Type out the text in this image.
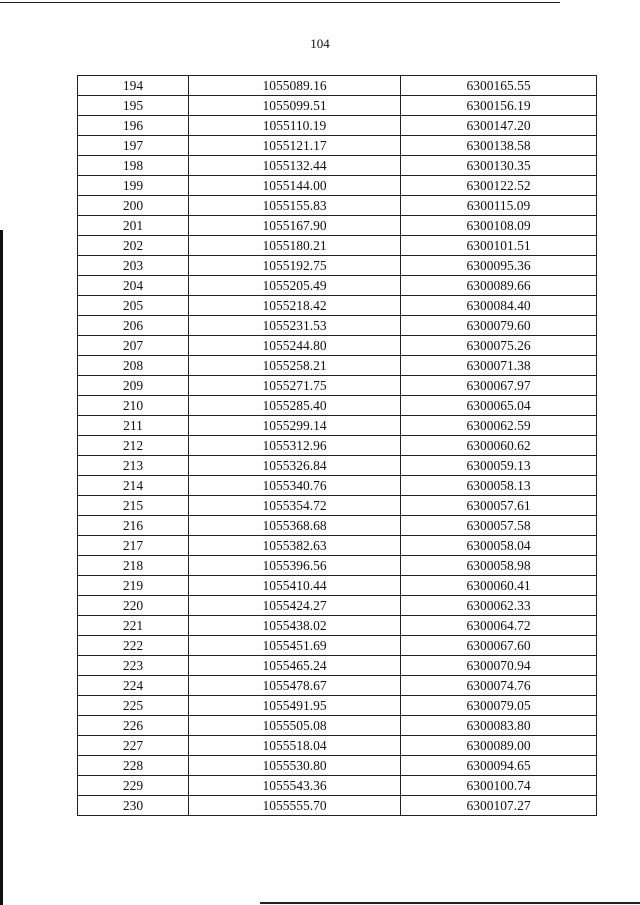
104
194	1055089.16	6300165.55
195	1055099.51	6300156.19
196	1055110.19	6300147.20
197	1055121.17	6300138.58
198	1055132.44	6300130.35
199	1055144.00	6300122.52
200	1055155.83	6300115.09
201	1055167.90	6300108.09
202	1055180.21	6300101.51
203	1055192.75	6300095.36
204	1055205.49	6300089.66
205	1055218.42	6300084.40
206	1055231.53	6300079.60
207	1055244.80	6300075.26
208	1055258.21	6300071.38
209	1055271.75	6300067.97
210	1055285.40	6300065.04
211	1055299.14	6300062.59
212	1055312.96	6300060.62
213	1055326.84	6300059.13
214	1055340.76	6300058.13
215	1055354.72	6300057.61
216	1055368.68	6300057.58
217	1055382.63	6300058.04
218	1055396.56	6300058.98
219	1055410.44	6300060.41
220	1055424.27	6300062.33
221	1055438.02	6300064.72
222	1055451.69	6300067.60
223	1055465.24	6300070.94
224	1055478.67	6300074.76
225	1055491.95	6300079.05
226	1055505.08	6300083.80
227	1055518.04	6300089.00
228	1055530.80	6300094.65
229	1055543.36	6300100.74
230	1055555.70	6300107.27
